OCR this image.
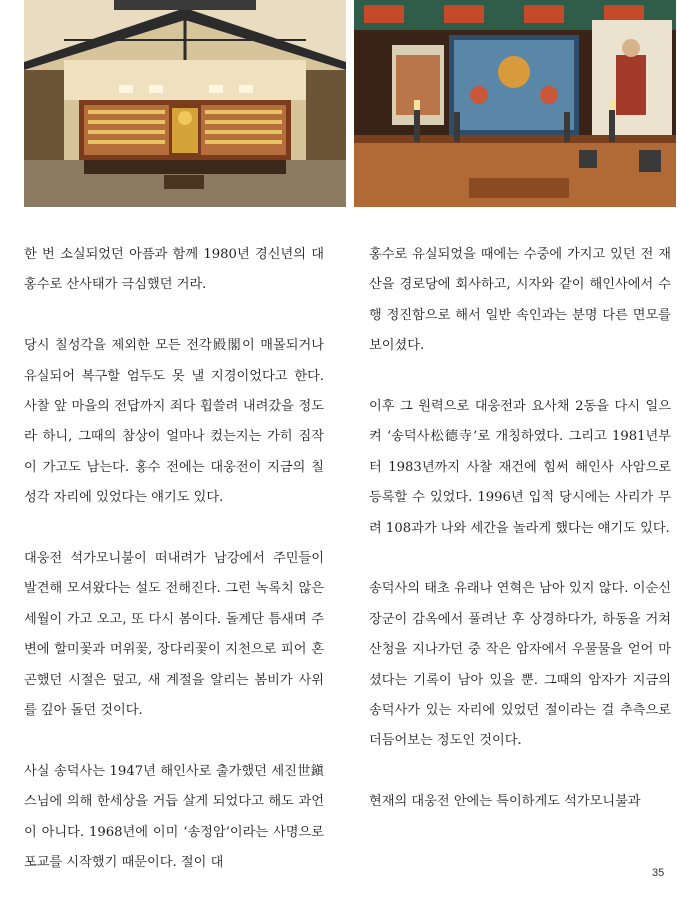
한 번 소실되었던 아픔과 함께 1980년 경신년의 대홍수로 산사태가 극심했던 거라.

당시 칠성각을 제외한 모든 전각殿閣이 매몰되거나 유실되어 복구할 엄두도 못 낼 지경이었다고 한다. 사찰 앞 마을의 전답까지 죄다 휩쓸려 내려갔을 정도라 하니, 그때의 참상이 얼마나 컸는지는 가히 짐작이 가고도 남는다. 홍수 전에는 대웅전이 지금의 칠성각 자리에 있었다는 얘기도 있다.

대웅전 석가모니불이 떠내려가 남강에서 주민들이 발견해 모셔왔다는 설도 전해진다. 그런 녹록치 않은 세월이 가고 오고, 또 다시 봄이다. 돌계단 틈새며 주변에 할미꽃과 머위꽃, 장다리꽃이 지천으로 피어 혼곤했던 시절은 덮고, 새 계절을 알리는 봄비가 사위를 깊아 돌던 것이다.

사실 송덕사는 1947년 해인사로 출가했던 세진世鎭 스님에 의해 한세상을 거듭 살게 되었다고 해도 과언이 아니다. 1968년에 이미 ‘송정암’이라는 사명으로 포교를 시작했기 때문이다. 절이 대

홍수로 유실되었을 때에는 수중에 가지고 있던 전 재산을 경로당에 회사하고, 시자와 같이 해인사에서 수행 정진함으로 해서 일반 속인과는 분명 다른 면모를 보이셨다.

이후 그 원력으로 대웅전과 요사채 2동을 다시 일으켜 ‘송덕사松德寺’로 개칭하였다. 그리고 1981년부터 1983년까지 사찰 재건에 힘써 해인사 사암으로 등록할 수 있었다. 1996년 입적 당시에는 사리가 무려 108과가 나와 세간을 놀라게 했다는 얘기도 있다.

송덕사의 태초 유래나 연혁은 남아 있지 않다. 이순신 장군이 감옥에서 풀려난 후 상경하다가, 하동을 거쳐 산청을 지나가던 중 작은 암자에서 우물물을 얻어 마셨다는 기록이 남아 있을 뿐. 그때의 암자가 지금의 송덕사가 있는 자리에 있었던 절이라는 걸 추측으로 더듬어보는 정도인 것이다.

현재의 대웅전 안에는 특이하게도 석가모니불과

35
